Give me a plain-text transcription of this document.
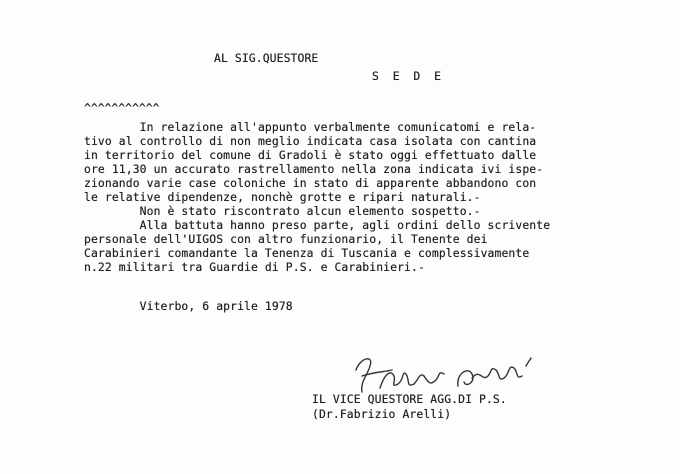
AL SIG.QUESTORE
S E D E
^^^^^^^^^^^
In relazione all'appunto verbalmente comunicatomi e rela-
tivo al controllo di non meglio indicata casa isolata con cantina
in territorio del comune di Gradoli è stato oggi effettuato dalle
ore 11,30 un accurato rastrellamento nella zona indicata ivi ispe-
zionando varie case coloniche in stato di apparente abbandono con
le relative dipendenze, nonchè grotte e ripari naturali.-
Non è stato riscontrato alcun elemento sospetto.-
Alla battuta hanno preso parte, agli ordini dello scrivente
personale dell'UIGOS con altro funzionario, il Tenente dei
Carabinieri comandante la Tenenza di Tuscania e complessivamente
n.22 militari tra Guardie di P.S. e Carabinieri.-
Viterbo, 6 aprile 1978
IL VICE QUESTORE AGG.DI P.S.
(Dr.Fabrizio Arelli)
